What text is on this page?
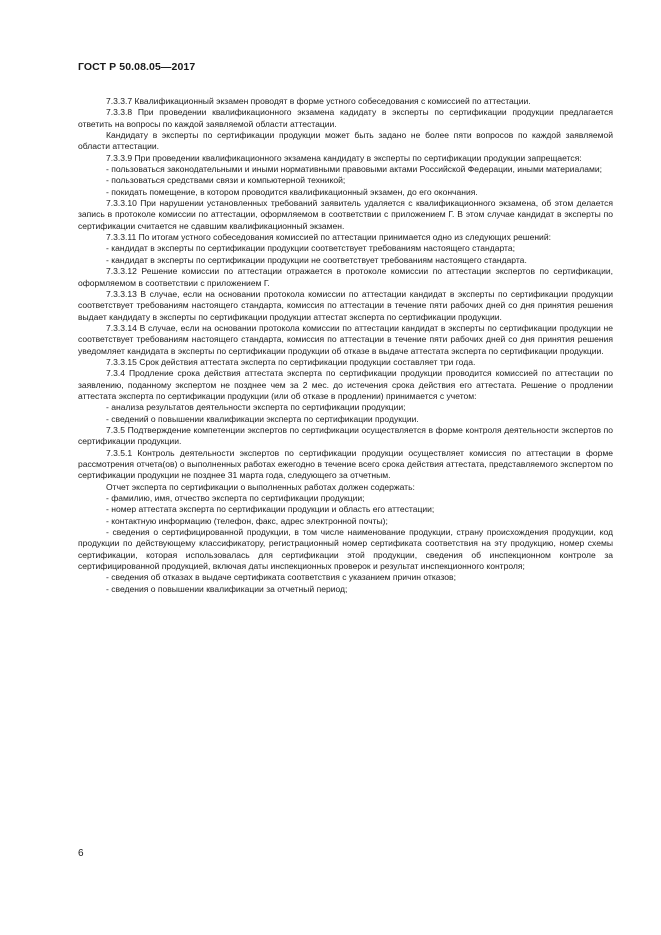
ГОСТ Р 50.08.05—2017

7.3.3.7 Квалификационный экзамен проводят в форме устного собеседования с комиссией по аттестации.

7.3.3.8 При проведении квалификационного экзамена кадидату в эксперты по сертификации продукции предлагается ответить на вопросы по каждой заявляемой области аттестации.

Кандидату в эксперты по сертификации продукции может быть задано не более пяти вопросов по каждой заявляемой области аттестации.

7.3.3.9 При проведении квалификационного экзамена кандидату в эксперты по сертификации продукции запрещается:

- пользоваться законодательными и иными нормативными правовыми актами Российской Федерации, иными материалами;

- пользоваться средствами связи и компьютерной техникой;

- покидать помещение, в котором проводится квалификационный экзамен, до его окончания.

7.3.3.10 При нарушении установленных требований заявитель удаляется с квалификационного экзамена, об этом делается запись в протоколе комиссии по аттестации, оформляемом в соответствии с приложением Г. В этом случае кандидат в эксперты по сертификации считается не сдавшим квалификационный экзамен.

7.3.3.11 По итогам устного собеседования комиссией по аттестации принимается одно из следующих решений:

- кандидат в эксперты по сертификации продукции соответствует требованиям настоящего стандарта;

- кандидат в эксперты по сертификации продукции не соответствует требованиям настоящего стандарта.

7.3.3.12 Решение комиссии по аттестации отражается в протоколе комиссии по аттестации экспертов по сертификации, оформляемом в соответствии с приложением Г.

7.3.3.13 В случае, если на основании протокола комиссии по аттестации кандидат в эксперты по сертификации продукции соответствует требованиям настоящего стандарта, комиссия по аттестации в течение пяти рабочих дней со дня принятия решения выдает кандидату в эксперты по сертификации продукции аттестат эксперта по сертификации продукции.

7.3.3.14 В случае, если на основании протокола комиссии по аттестации кандидат в эксперты по сертификации продукции не соответствует требованиям настоящего стандарта, комиссия по аттестации в течение пяти рабочих дней со дня принятия решения уведомляет кандидата в эксперты по сертификации продукции об отказе в выдаче аттестата эксперта по сертификации продукции.

7.3.3.15 Срок действия аттестата эксперта по сертификации продукции составляет три года.

7.3.4 Продление срока действия аттестата эксперта по сертификации продукции проводится комиссией по аттестации по заявлению, поданному экспертом не позднее чем за 2 мес. до истечения срока действия его аттестата. Решение о продлении аттестата эксперта по сертификации продукции (или об отказе в продлении) принимается с учетом:

- анализа результатов деятельности эксперта по сертификации продукции;

- сведений о повышении квалификации эксперта по сертификации продукции.

7.3.5 Подтверждение компетенции экспертов по сертификации осуществляется в форме контроля деятельности экспертов по сертификации продукции.

7.3.5.1 Контроль деятельности экспертов по сертификации продукции осуществляет комиссия по аттестации в форме рассмотрения отчета(ов) о выполненных работах ежегодно в течение всего срока действия аттестата, представляемого экспертом по сертификации продукции не позднее 31 марта года, следующего за отчетным.

Отчет эксперта по сертификации о выполненных работах должен содержать:

- фамилию, имя, отчество эксперта по сертификации продукции;

- номер аттестата эксперта по сертификации продукции и область его аттестации;

- контактную информацию (телефон, факс, адрес электронной почты);

- сведения о сертифицированной продукции, в том числе наименование продукции, страну происхождения продукции, код продукции по действующему классификатору, регистрационный номер сертификата соответствия на эту продукцию, номер схемы сертификации, которая использовалась для сертификации этой продукции, сведения об инспекционном контроле за сертифицированной продукцией, включая даты инспекционных проверок и результат инспекционного контроля;

- сведения об отказах в выдаче сертификата соответствия с указанием причин отказов;

- сведения о повышении квалификации за отчетный период;

6
